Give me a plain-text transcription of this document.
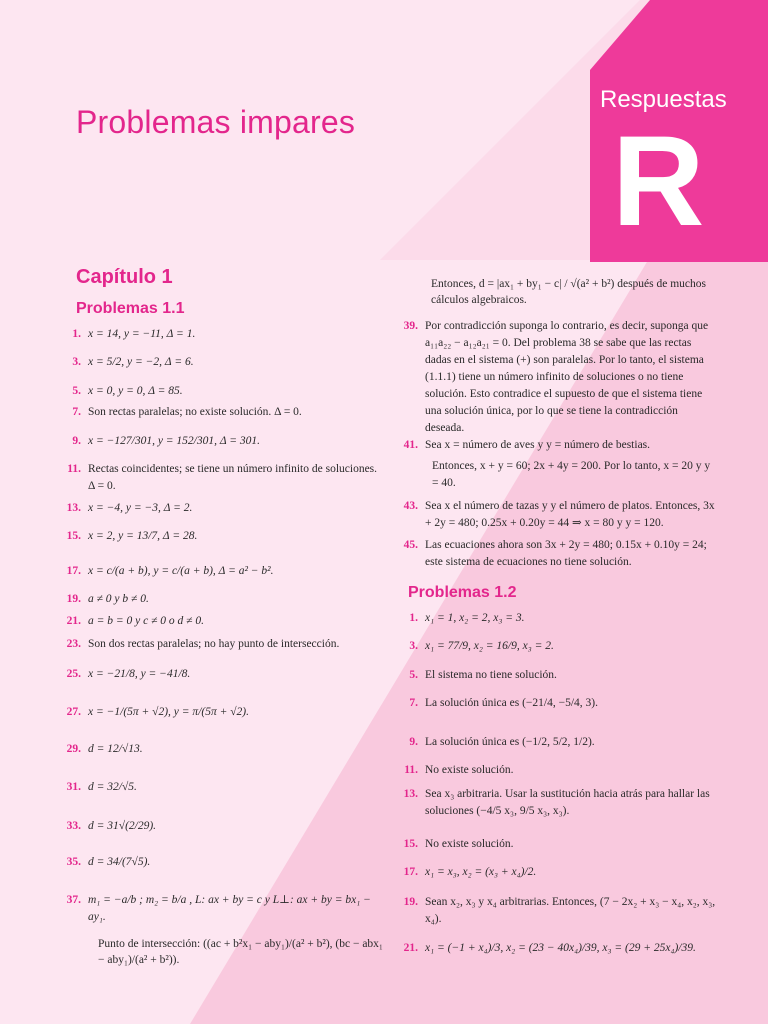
Problemas impares
Respuestas
R
Capítulo 1
Problemas 1.1
1. x = 14, y = −11, Δ = 1.
3. x = 5/2, y = −2, Δ = 6.
5. x = 0, y = 0, Δ = 85.
7. Son rectas paralelas; no existe solución. Δ = 0.
9. x = −127/301, y = 152/301, Δ = 301.
11. Rectas coincidentes; se tiene un número infinito de soluciones. Δ = 0.
13. x = −4, y = −3, Δ = 2.
15. x = 2, y = 13/7, Δ = 28.
17. x = c/(a + b), y = c/(a + b), Δ = a² − b².
19. a ≠ 0 y b ≠ 0.
21. a = b = 0 y c ≠ 0 o d ≠ 0.
23. Son dos rectas paralelas; no hay punto de intersección.
25. x = −21/8, y = −41/8.
27. x = −1/(5π + √2), y = π/(5π + √2).
29. d = 12/√13.
31. d = 32/√5.
33. d = 31√(2/29).
35. d = 34/(7√5).
37. m₁ = −a/b ; m₂ = b/a , L: ax + by = c y L⊥: ax + by = bx₁ − ay₁.
Punto de intersección: ((ac + b²x₁ − aby₁)/(a² + b²), (bc − abx₁ − aby₁)/(a² + b²)).
Entonces, d = |ax₁ + by₁ − c| / √(a² + b²) después de muchos cálculos algebraicos.
39. Por contradicción suponga lo contrario, es decir, suponga que a₁₁a₂₂ − a₁₂a₂₁ = 0. Del problema 38 se sabe que las rectas dadas en el sistema (+) son paralelas. Por lo tanto, el sistema (1.1.1) tiene un número infinito de soluciones o no tiene solución. Esto contradice el supuesto de que el sistema tiene una solución única, por lo que se tiene la contradicción deseada.
41. Sea x = número de aves y y = número de bestias.
Entonces, x + y = 60; 2x + 4y = 200. Por lo tanto, x = 20 y y = 40.
43. Sea x el número de tazas y y el número de platos. Entonces, 3x + 2y = 480; 0.25x + 0.20y = 44 ⇒ x = 80 y y = 120.
45. Las ecuaciones ahora son 3x + 2y = 480; 0.15x + 0.10y = 24; este sistema de ecuaciones no tiene solución.
Problemas 1.2
1. x₁ = 1, x₂ = 2, x₃ = 3.
3. x₁ = 77/9, x₂ = 16/9, x₃ = 2.
5. El sistema no tiene solución.
7. La solución única es (−21/4, −5/4, 3).
9. La solución única es (−1/2, 5/2, 1/2).
11. No existe solución.
13. Sea x₃ arbitraria. Usar la sustitución hacia atrás para hallar las soluciones (−4/5 x₃, 9/5 x₃, x₃).
15. No existe solución.
17. x₁ = x₃, x₂ = (x₃ + x₄)/2.
19. Sean x₂, x₃ y x₄ arbitrarias. Entonces, (7 − 2x₂ + x₃ − x₄, x₂, x₃, x₄).
21. x₁ = (−1 + x₄)/3, x₂ = (23 − 40x₄)/39, x₃ = (29 + 25x₄)/39.
